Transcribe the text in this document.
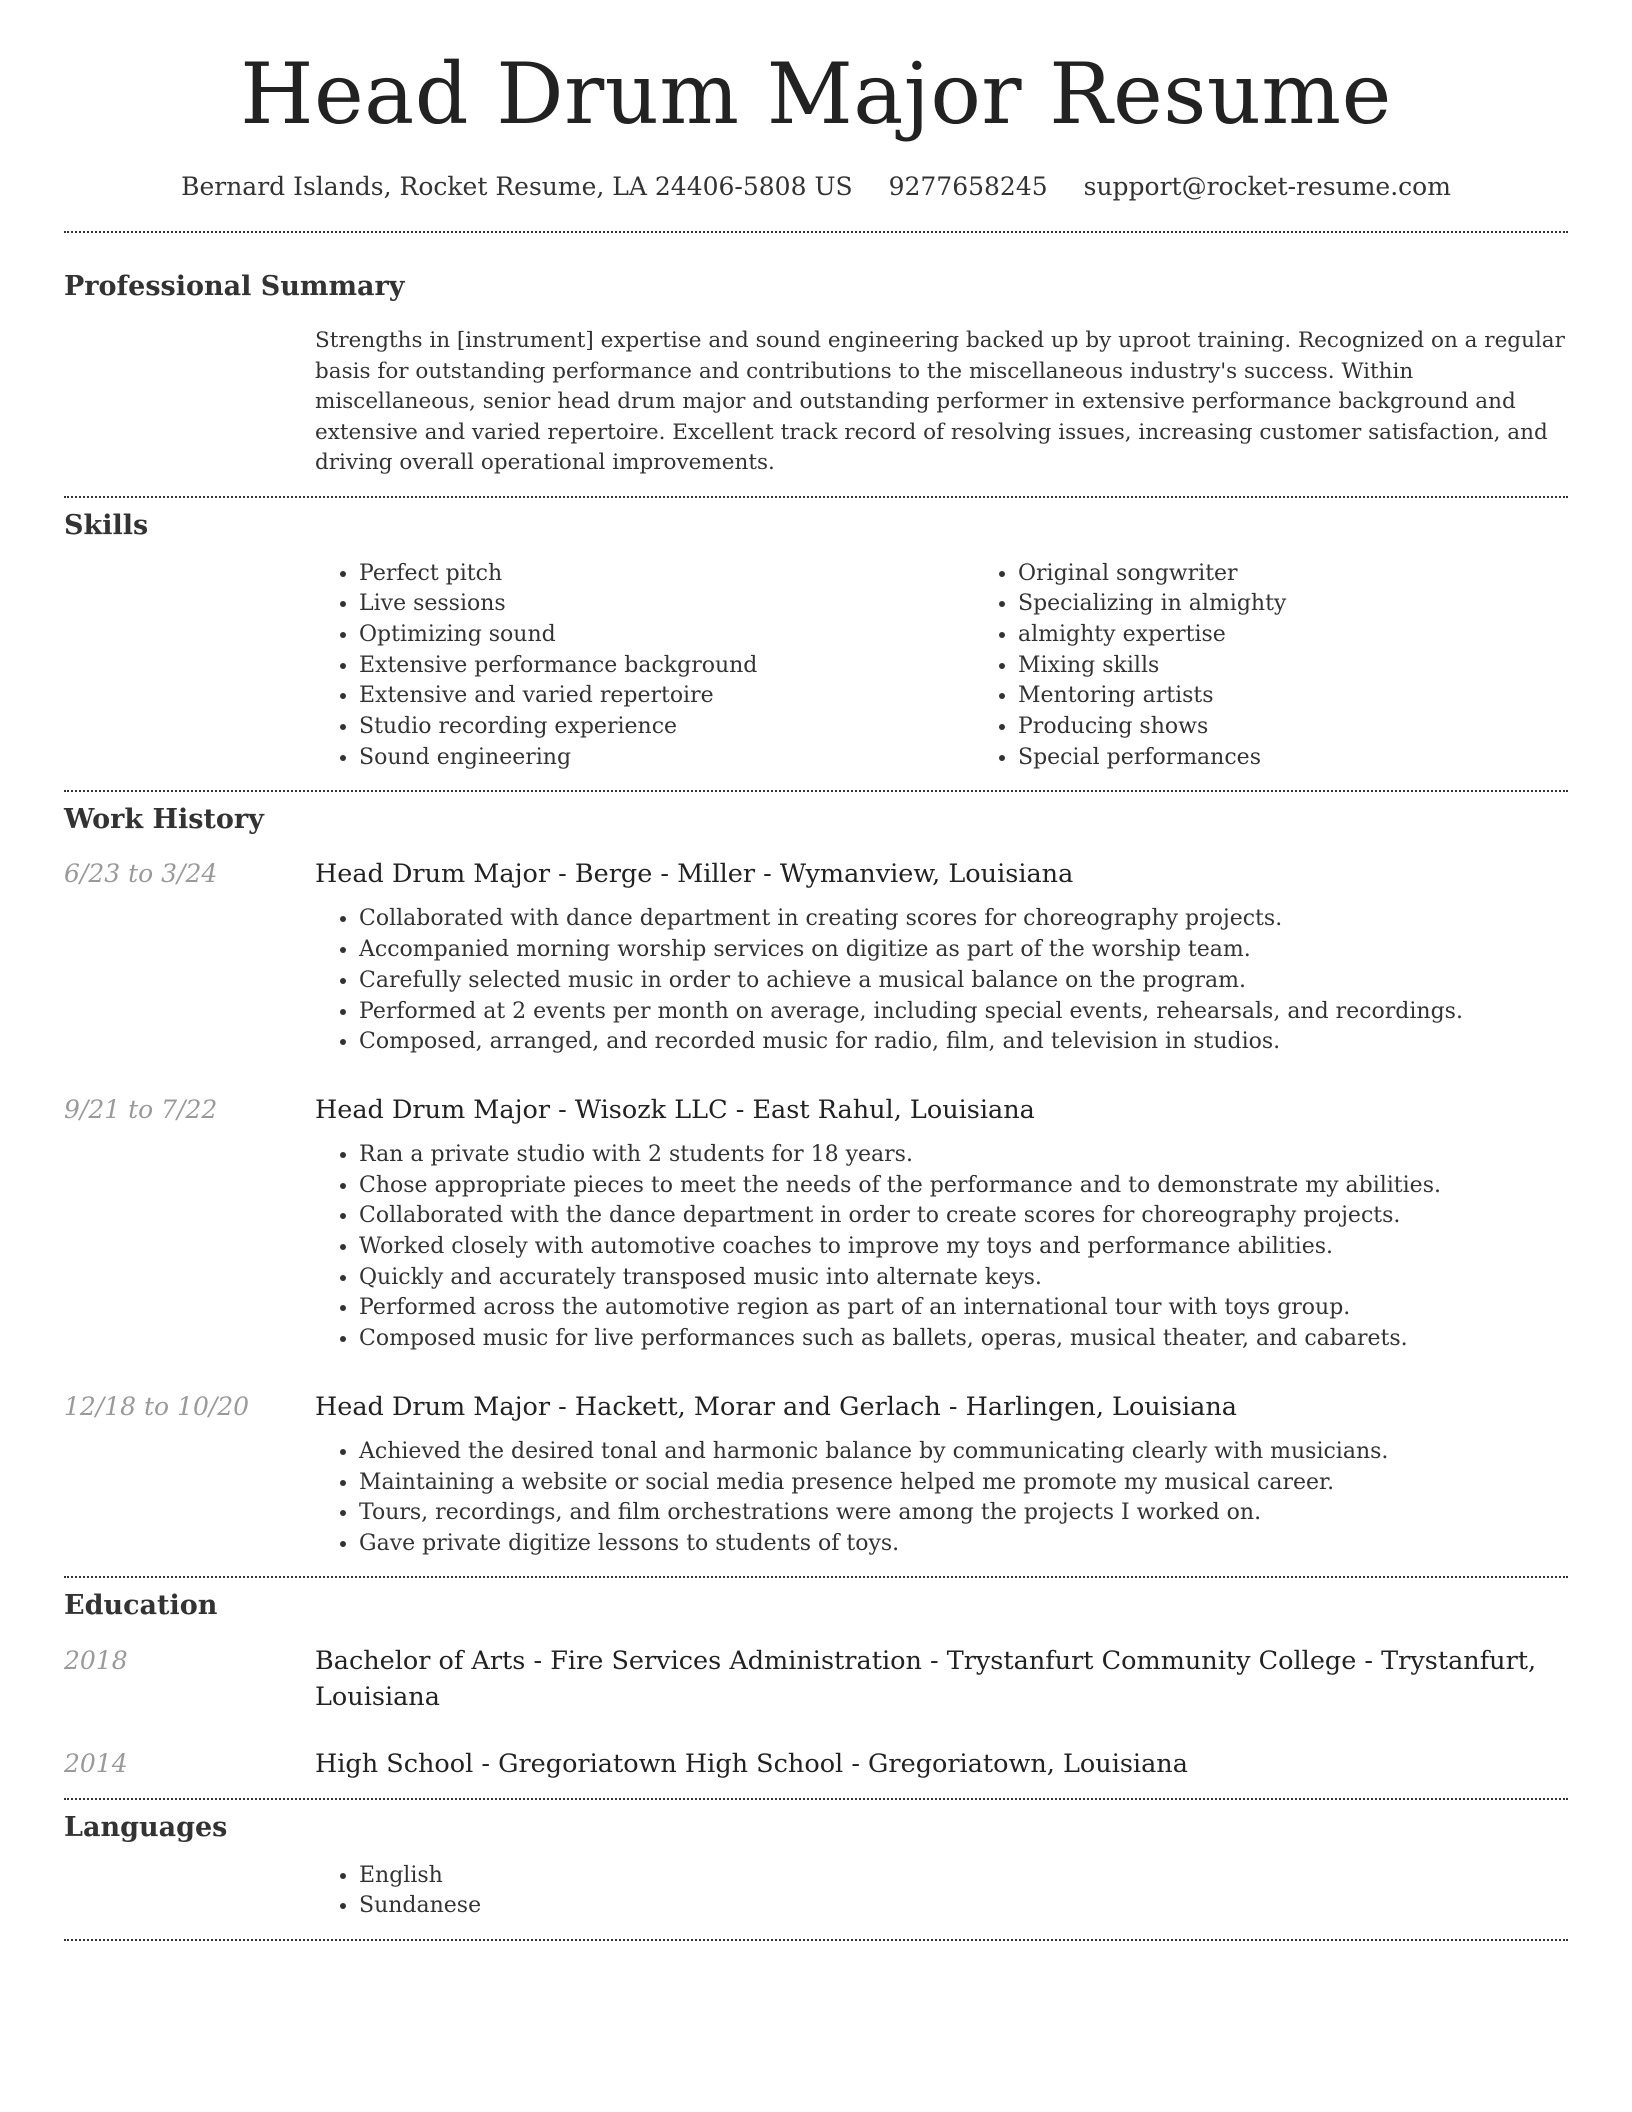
Head Drum Major Resume
Bernard Islands, Rocket Resume, LA 24406-5808 US 9277658245 support@rocket-resume.com
Professional Summary

Strengths in [instrument] expertise and sound engineering backed up by uproot training. Recognized on a regular basis for outstanding performance and contributions to the miscellaneous industry's success. Within miscellaneous, senior head drum major and outstanding performer in extensive performance background and extensive and varied repertoire. Excellent track record of resolving issues, increasing customer satisfaction, and driving overall operational improvements.

Skills
• Perfect pitch
• Live sessions
• Optimizing sound
• Extensive performance background
• Extensive and varied repertoire
• Studio recording experience
• Sound engineering
• Original songwriter
• Specializing in almighty
• almighty expertise
• Mixing skills
• Mentoring artists
• Producing shows
• Special performances
Work History
6/23 to 3/24	Head Drum Major - Berge - Miller - Wymanview, Louisiana
• Collaborated with dance department in creating scores for choreography projects.
• Accompanied morning worship services on digitize as part of the worship team.
• Carefully selected music in order to achieve a musical balance on the program.
• Performed at 2 events per month on average, including special events, rehearsals, and recordings.
• Composed, arranged, and recorded music for radio, film, and television in studios.
9/21 to 7/22	Head Drum Major - Wisozk LLC - East Rahul, Louisiana
• Ran a private studio with 2 students for 18 years.
• Chose appropriate pieces to meet the needs of the performance and to demonstrate my abilities.
• Collaborated with the dance department in order to create scores for choreography projects.
• Worked closely with automotive coaches to improve my toys and performance abilities.
• Quickly and accurately transposed music into alternate keys.
• Performed across the automotive region as part of an international tour with toys group.
• Composed music for live performances such as ballets, operas, musical theater, and cabarets.
12/18 to 10/20	Head Drum Major - Hackett, Morar and Gerlach - Harlingen, Louisiana
• Achieved the desired tonal and harmonic balance by communicating clearly with musicians.
• Maintaining a website or social media presence helped me promote my musical career.
• Tours, recordings, and film orchestrations were among the projects I worked on.
• Gave private digitize lessons to students of toys.
Education
2018	Bachelor of Arts - Fire Services Administration - Trystanfurt Community College - Trystanfurt, Louisiana
2014	High School - Gregoriatown High School - Gregoriatown, Louisiana
Languages
• English
• Sundanese
